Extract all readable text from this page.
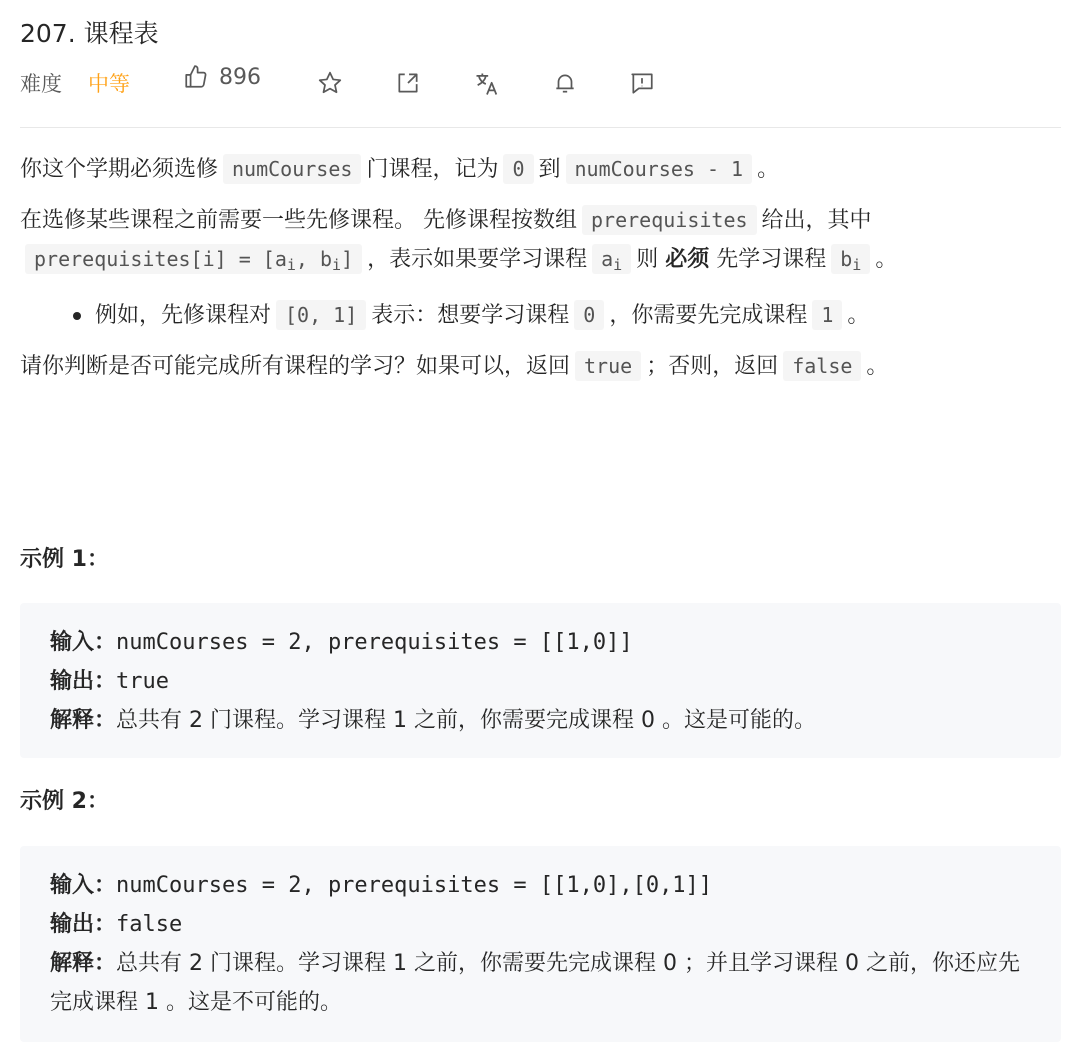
207. 课程表
难度 中等	896
你这个学期必须选修 numCourses 门课程，记为 0 到 numCourses - 1 。
在选修某些课程之前需要一些先修课程。 先修课程按数组 prerequisites 给出，其中prerequisites[i] = [$a_i$, $b_i$] ，表示如果要学习课程 $a_i$ 则 必须 先学习课程 $b_i$ 。
例如，先修课程对 [0, 1] 表示：想要学习课程 0 ，你需要先完成课程 1 。
请你判断是否可能完成所有课程的学习？如果可以，返回 true ；否则，返回 false 。
示例 1：
输入：numCourses = 2, prerequisites = [[1,0]]
输出：true
解释：总共有 2 门课程。学习课程 1 之前，你需要完成课程 0 。这是可能的。
示例 2：
输入：numCourses = 2, prerequisites = [[1,0],[0,1]]
输出：false
解释：总共有 2 门课程。学习课程 1 之前，你需要先完成课程 0 ；并且学习课程 0 之前，你还应先完成课程 1 。这是不可能的。
